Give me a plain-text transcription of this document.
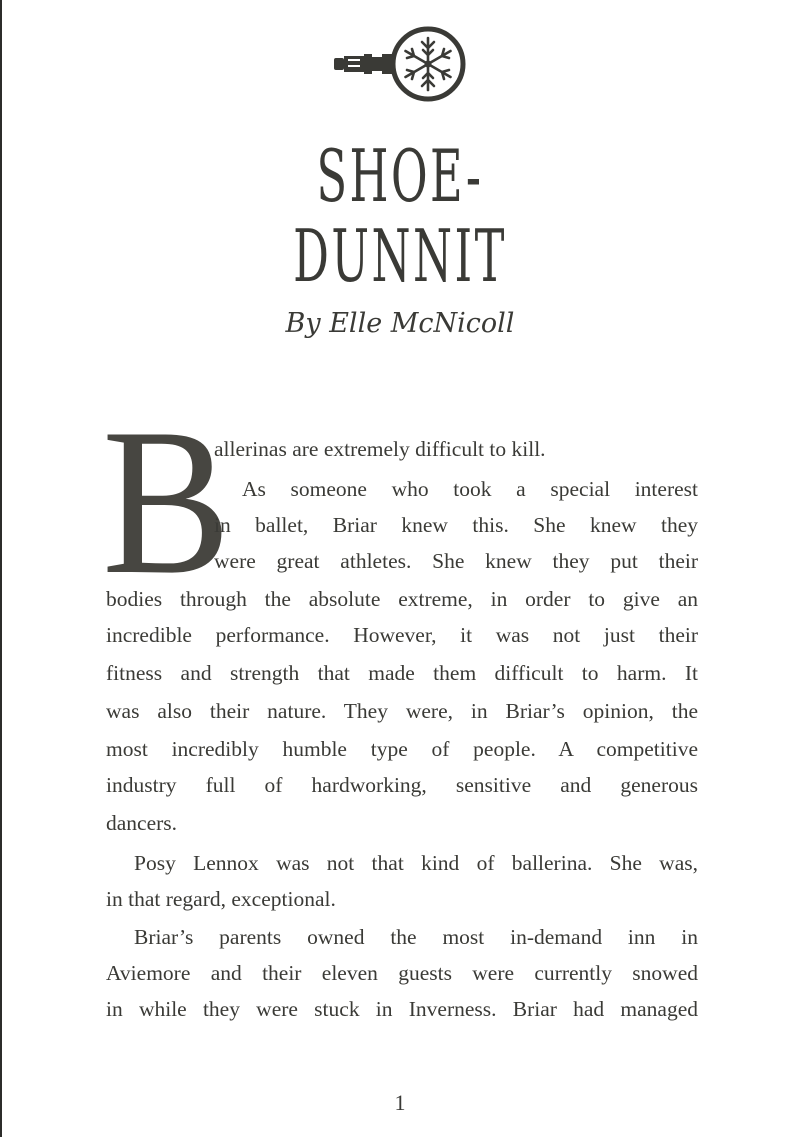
SHOE-
DUNNIT
By Elle McNicoll
B
allerinas are extremely difficult to kill.
As someone who took a special interest
in ballet, Briar knew this. She knew they
were great athletes. She knew they put their
bodies through the absolute extreme, in order to give an
incredible performance. However, it was not just their
fitness and strength that made them difficult to harm. It
was also their nature. They were, in Briar’s opinion, the
most incredibly humble type of people. A competitive
industry full of hardworking, sensitive and generous
dancers.
Posy Lennox was not that kind of ballerina. She was,
in that regard, exceptional.
Briar’s parents owned the most in-demand inn in
Aviemore and their eleven guests were currently snowed
in while they were stuck in Inverness. Briar had managed
1
